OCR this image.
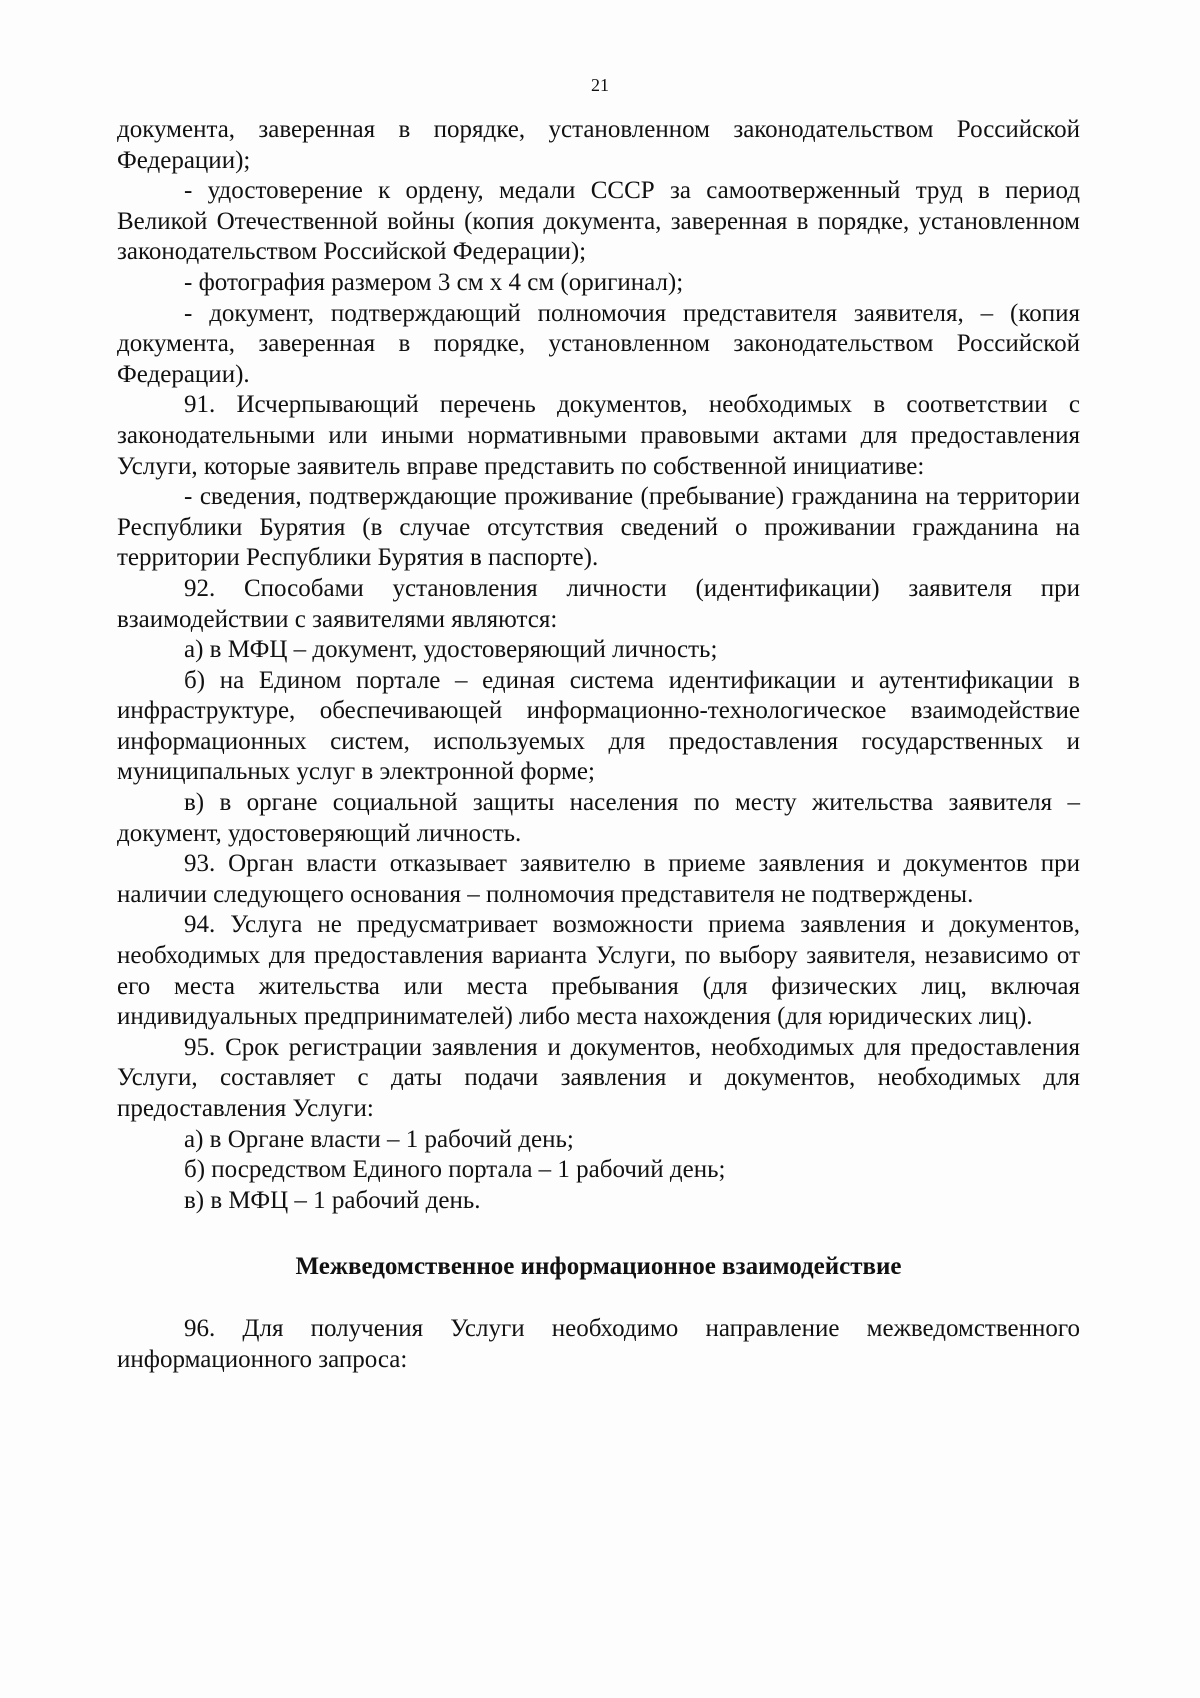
21

документа, заверенная в порядке, установленном законодательством Российской Федерации);

- удостоверение к ордену, медали СССР за самоотверженный труд в период Великой Отечественной войны (копия документа, заверенная в порядке, установленном законодательством Российской Федерации);

- фотография размером 3 см х 4 см (оригинал);

- документ, подтверждающий полномочия представителя заявителя, – (копия документа, заверенная в порядке, установленном законодательством Российской Федерации).

91. Исчерпывающий перечень документов, необходимых в соответствии с законодательными или иными нормативными правовыми актами для предоставления Услуги, которые заявитель вправе представить по собственной инициативе:

- сведения, подтверждающие проживание (пребывание) гражданина на территории Республики Бурятия (в случае отсутствия сведений о проживании гражданина на территории Республики Бурятия в паспорте).

92. Способами установления личности (идентификации) заявителя при взаимодействии с заявителями являются:

а) в МФЦ – документ, удостоверяющий личность;

б) на Едином портале – единая система идентификации и аутентификации в инфраструктуре, обеспечивающей информационно-технологическое взаимодействие информационных систем, используемых для предоставления государственных и муниципальных услуг в электронной форме;

в) в органе социальной защиты населения по месту жительства заявителя – документ, удостоверяющий личность.

93. Орган власти отказывает заявителю в приеме заявления и документов при наличии следующего основания – полномочия представителя не подтверждены.

94. Услуга не предусматривает возможности приема заявления и документов, необходимых для предоставления варианта Услуги, по выбору заявителя, независимо от его места жительства или места пребывания (для физических лиц, включая индивидуальных предпринимателей) либо места нахождения (для юридических лиц).

95. Срок регистрации заявления и документов, необходимых для предоставления Услуги, составляет с даты подачи заявления и документов, необходимых для предоставления Услуги:

а) в Органе власти – 1 рабочий день;

б) посредством Единого портала – 1 рабочий день;

в) в МФЦ – 1 рабочий день.

Межведомственное информационное взаимодействие

96. Для получения Услуги необходимо направление межведомственного информационного запроса:
